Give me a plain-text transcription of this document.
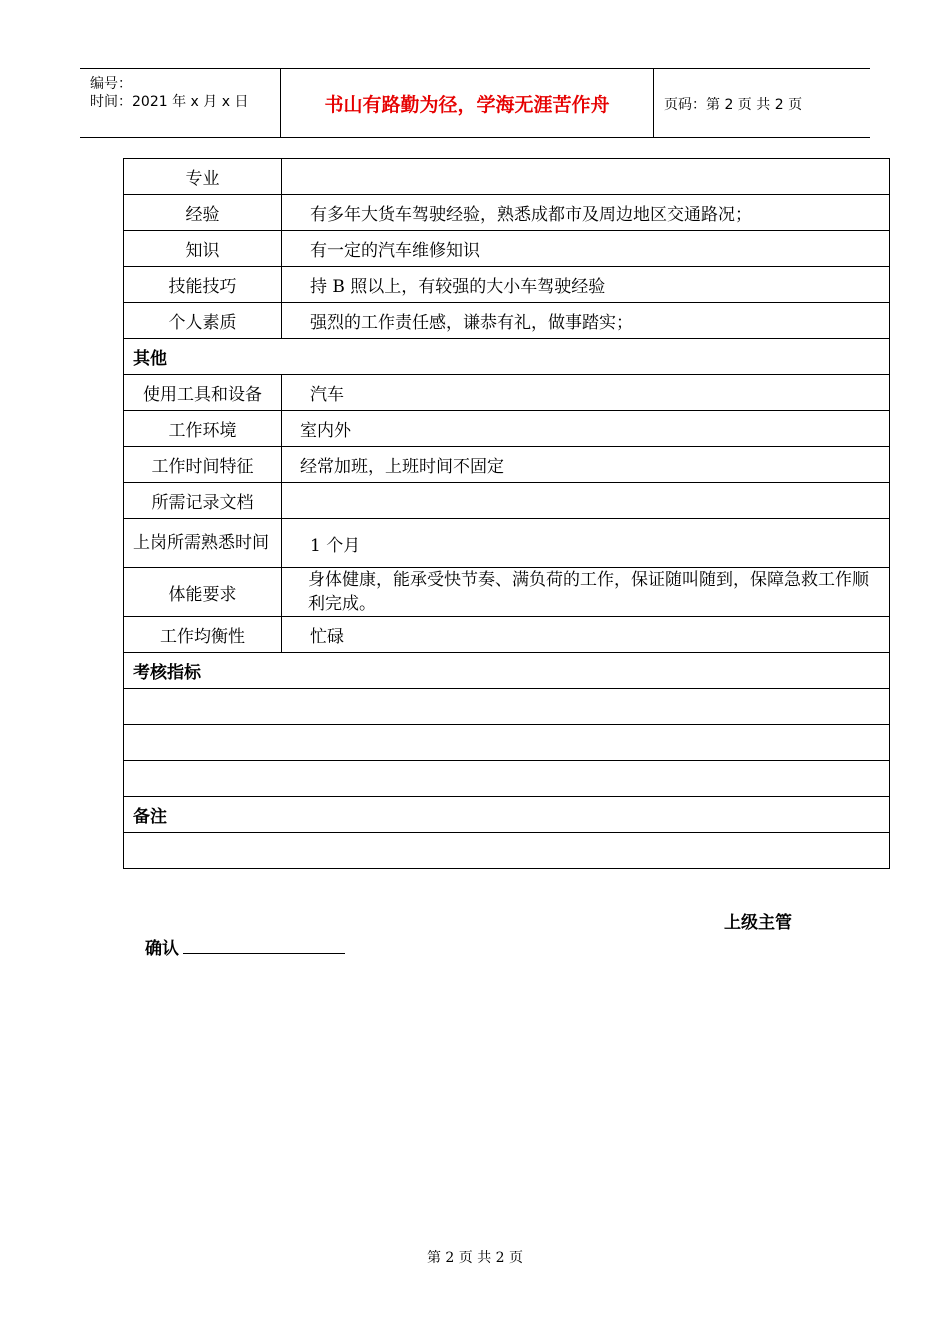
编号：
时间：2021 年 x 月 x 日	书山有路勤为径，学海无涯苦作舟	页码：第 2 页 共 2 页
专业	
经验	有多年大货车驾驶经验，熟悉成都市及周边地区交通路况；
知识	有一定的汽车维修知识
技能技巧	持 B 照以上，有较强的大小车驾驶经验
个人素质	强烈的工作责任感，谦恭有礼，做事踏实；
其他	
使用工具和设备	汽车
工作环境	室内外
工作时间特征	经常加班，上班时间不固定
所需记录文档	
上岗所需熟悉时间	1 个月
体能要求	身体健康，能承受快节奏、满负荷的工作，保证随叫随到，保障急救工作顺利完成。
工作均衡性	忙碌
考核指标	

备注	

上级主管
确认
第 2 页 共 2 页
